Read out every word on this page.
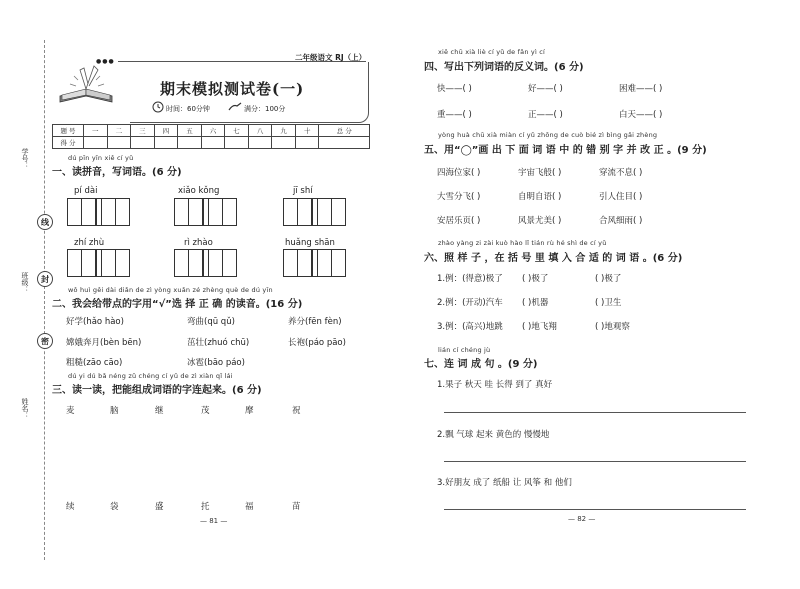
学号：
班级：
姓名：
线
封
密
●●●	二年级语文 RJ（上）
期末模拟测试卷(一)
时间：60分钟	满分：100分
题 号	一	二	三	四	五	六	七	八	九	十	总 分
得 分											
dú pīn yīn xiě cí yǔ
一、读拼音，写词语。(6 分)
pí dài	xiǎo kǒng	jī shí
zhí zhù	rì zhào	huǎng shān
wǒ huì gěi dài diǎn de zì yòng xuǎn zé zhèng què de dú yīn
二、我会给带点的字用“√”选 择 正 确 的读音。(16 分)
好学(hǎo hào)	弯曲(qū qǔ)	养分(fēn fèn)
嫦娥奔月(bèn bēn)	茁壮(zhuó chū)	长袍(páo pāo)
粗糙(zāo cāo)	冰雹(bāo páo)
dú yi dú bǎ néng zǔ chéng cí yǔ de zì xiàn qǐ lái
三、读一读，把能组成词语的字连起来。(6 分)
麦	脑	继	茂	摩	祝
续	袋	盛	托	福	苗
— 81 —
xiě chū xià liè cí yǔ de fǎn yì cí
四、写出下列词语的反义词。(6 分)
快——( )	好——( )	困难——( )
重——( )	正——( )	白天——( )
yòng huà chū xià miàn cí yǔ zhōng de cuò bié zì bìng gǎi zhèng
五、用“◯”画 出 下 面 词 语 中 的 错 别 字 并 改 正 。(9 分)
四海位家( )	宇宙飞般( )	穿流不息( )
大雪分飞( )	自眀自语( )	引人住目( )
安居乐页( )	风景尤美( )	合风细雨( )
zhào yàng zi zài kuò hào lǐ tián rù hé shì de cí yǔ
六、照 样 子 ，在 括 号 里 填 入 合 适 的 词 语 。(6 分)
1.例：(得意)极了 ( )极了	( )极了
2.例：(开动)汽车 ( )机器	( )卫生
3.例：(高兴)地跳 ( )地飞翔	( )地观察
lián cí chéng jù
七、连 词 成 句 。(9 分)
1.果子 秋天 哇 长得 到了 真好
2.飘 气球 起来 黄色的 慢慢地
3.好朋友 成了 纸船 让 风筝 和 他们
— 82 —
